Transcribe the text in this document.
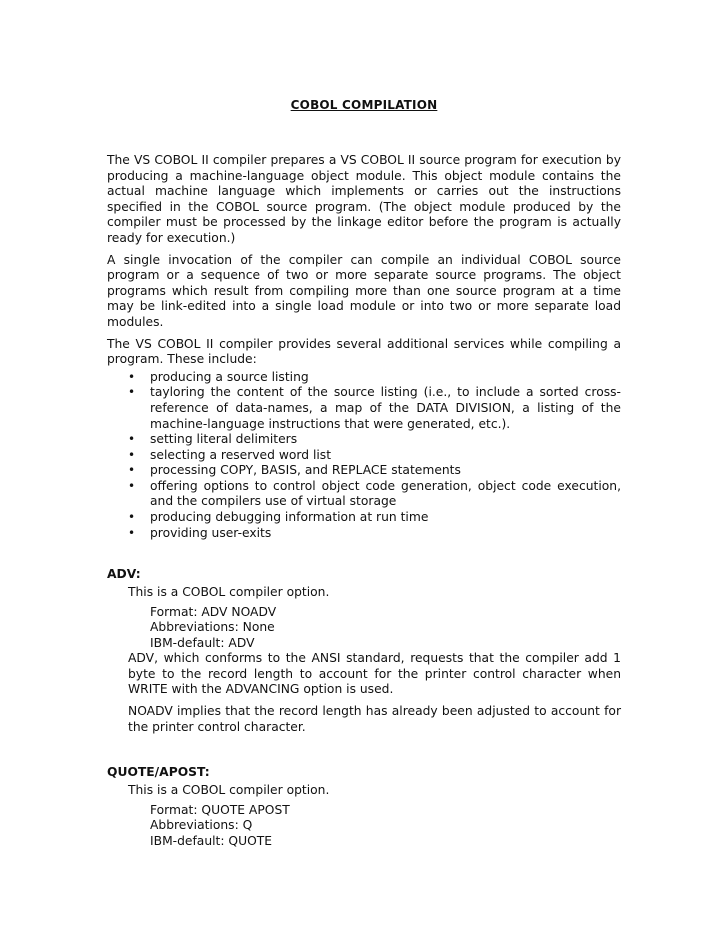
COBOL COMPILATION

The VS COBOL II compiler prepares a VS COBOL II source program for execution by producing a machine-language object module. This object module contains the actual machine language which implements or carries out the instructions specified in the COBOL source program. (The object module produced by the compiler must be processed by the linkage editor before the program is actually ready for execution.)

A single invocation of the compiler can compile an individual COBOL source program or a sequence of two or more separate source programs. The object programs which result from compiling more than one source program at a time may be link-edited into a single load module or into two or more separate load modules.

The VS COBOL II compiler provides several additional services while compiling a program. These include:

• producing a source listing
• tayloring the content of the source listing (i.e., to include a sorted cross-reference of data-names, a map of the DATA DIVISION, a listing of the machine-language instructions that were generated, etc.).
• setting literal delimiters
• selecting a reserved word list
• processing COPY, BASIS, and REPLACE statements
• offering options to control object code generation, object code execution, and the compilers use of virtual storage
• producing debugging information at run time
• providing user-exits

ADV:

This is a COBOL compiler option.
Format: ADV NOADV
Abbreviations: None
IBM-default: ADV

ADV, which conforms to the ANSI standard, requests that the compiler add 1 byte to the record length to account for the printer control character when WRITE with the ADVANCING option is used.

NOADV implies that the record length has already been adjusted to account for the printer control character.

QUOTE/APOST:

This is a COBOL compiler option.
Format: QUOTE APOST
Abbreviations: Q
IBM-default: QUOTE
